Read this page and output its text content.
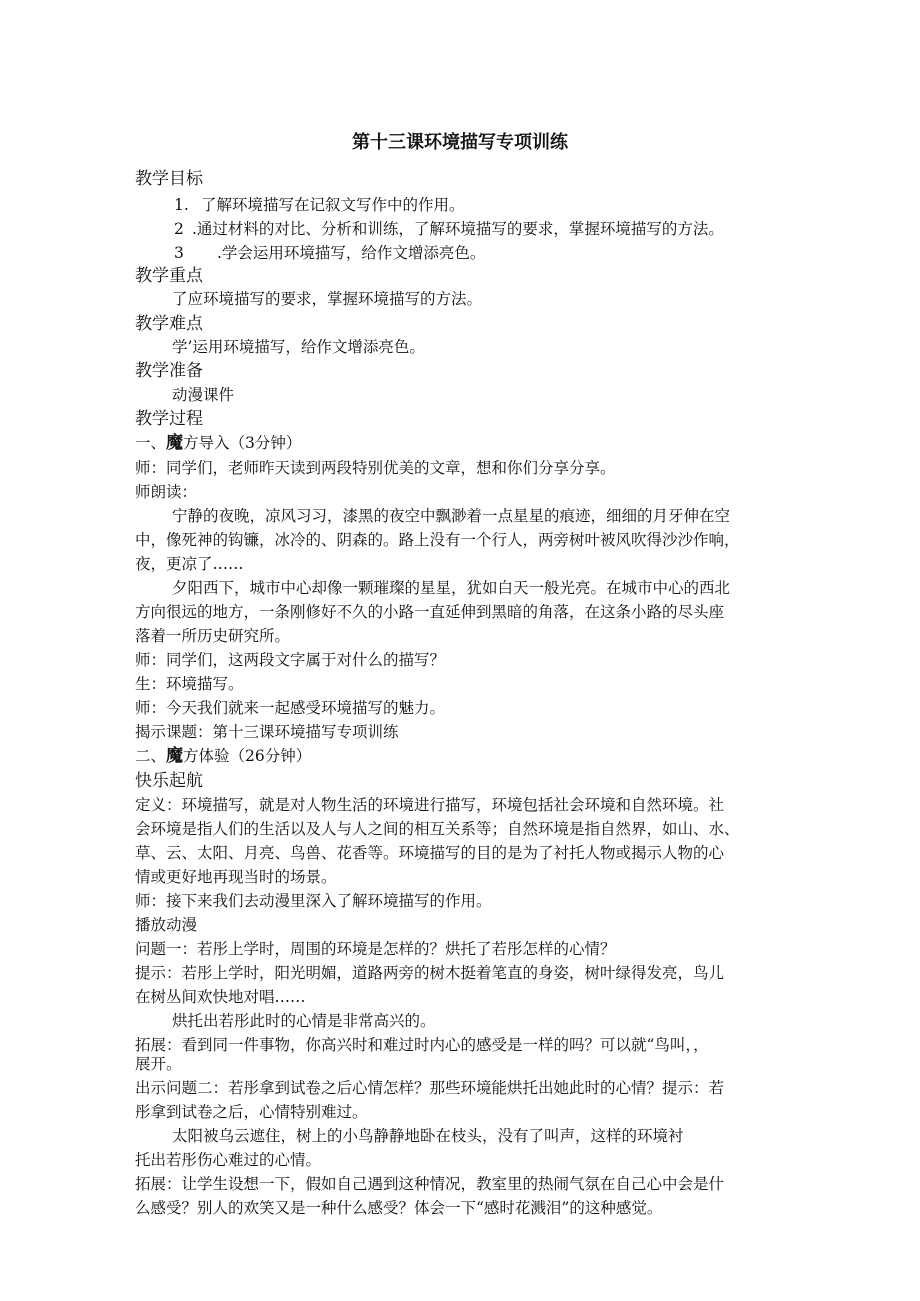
第十三课环境描写专项训练
教学目标
1. 了解环境描写在记叙文写作中的作用。
2 .通过材料的对比、分析和训练，了解环境描写的要求，掌握环境描写的方法。
3 .学会运用环境描写，给作文增添亮色。
教学重点
了应环境描写的要求，掌握环境描写的方法。
教学难点
学’运用环境描写，给作文增添亮色。
教学准备
动漫课件
教学过程
一、魔方导入（3分钟）
师：同学们，老师昨天读到两段特别优美的文章，想和你们分享分享。
师朗读：
宁静的夜晚，凉风习习，漆黑的夜空中飘渺着一点星星的痕迹，细细的月牙伸在空
中，像死神的钩镰，冰冷的、阴森的。路上没有一个行人，两旁树叶被风吹得沙沙作响，
夜，更凉了……
夕阳西下，城市中心却像一颗璀璨的星星，犹如白天一般光亮。在城市中心的西北
方向很远的地方，一条刚修好不久的小路一直延伸到黑暗的角落，在这条小路的尽头座
落着一所历史研究所。
师：同学们，这两段文字属于对什么的描写？
生：环境描写。
师：今天我们就来一起感受环境描写的魅力。
揭示课题：第十三课环境描写专项训练
二、魔方体验（26分钟）
快乐起航
定义：环境描写，就是对人物生活的环境进行描写，环境包括社会环境和自然环境。社
会环境是指人们的生活以及人与人之间的相互关系等；自然环境是指自然界，如山、水、
草、云、太阳、月亮、鸟兽、花香等。环境描写的目的是为了衬托人物或揭示人物的心
情或更好地再现当时的场景。
师：接下来我们去动漫里深入了解环境描写的作用。
播放动漫
问题一：若彤上学时，周围的环境是怎样的？烘托了若彤怎样的心情？
提示：若彤上学时，阳光明媚，道路两旁的树木挺着笔直的身姿，树叶绿得发亮，鸟儿
在树丛间欢快地对唱……
烘托出若彤此时的心情是非常高兴的。
拓展：看到同一件事物，你高兴时和难过时内心的感受是一样的吗？可以就“鸟叫，，
展开。
出示问题二：若彤拿到试卷之后心情怎样？那些环境能烘托出她此时的心情？提示：若
彤拿到试卷之后，心情特别难过。
太阳被乌云遮住，树上的小鸟静静地卧在枝头，没有了叫声，这样的环境衬
托出若彤伤心难过的心情。
拓展：让学生设想一下，假如自己遇到这种情况，教室里的热闹气氛在自己心中会是什
么感受？别人的欢笑又是一种什么感受？体会一下“感时花溅泪”的这种感觉。
